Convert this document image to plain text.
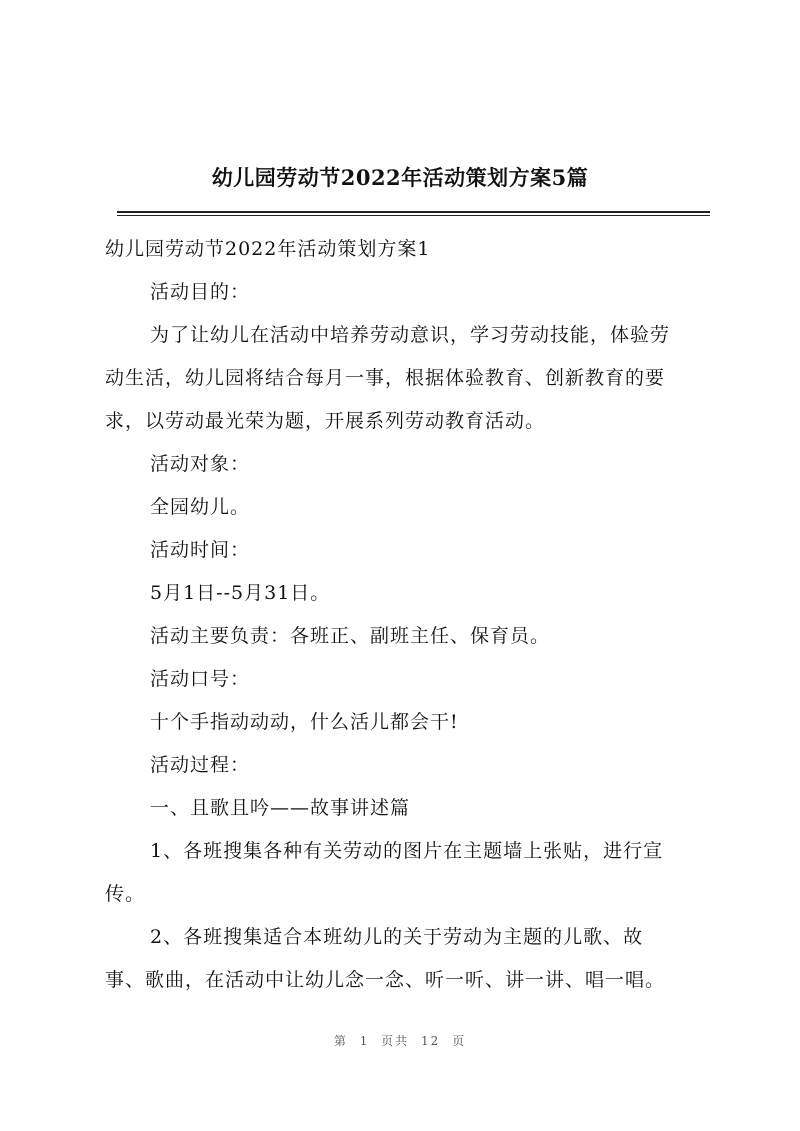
幼儿园劳动节2022年活动策划方案5篇
幼儿园劳动节2022年活动策划方案1
活动目的：
为了让幼儿在活动中培养劳动意识，学习劳动技能，体验劳
动生活，幼儿园将结合每月一事，根据体验教育、创新教育的要
求，以劳动最光荣为题，开展系列劳动教育活动。
活动对象：
全园幼儿。
活动时间：
5月1日--5月31日。
活动主要负责：各班正、副班主任、保育员。
活动口号：
十个手指动动动，什么活儿都会干!
活动过程：
一、且歌且吟——故事讲述篇
1、各班搜集各种有关劳动的图片在主题墙上张贴，进行宣
传。
2、各班搜集适合本班幼儿的关于劳动为主题的儿歌、故
事、歌曲，在活动中让幼儿念一念、听一听、讲一讲、唱一唱。
第 1 页共 12 页
